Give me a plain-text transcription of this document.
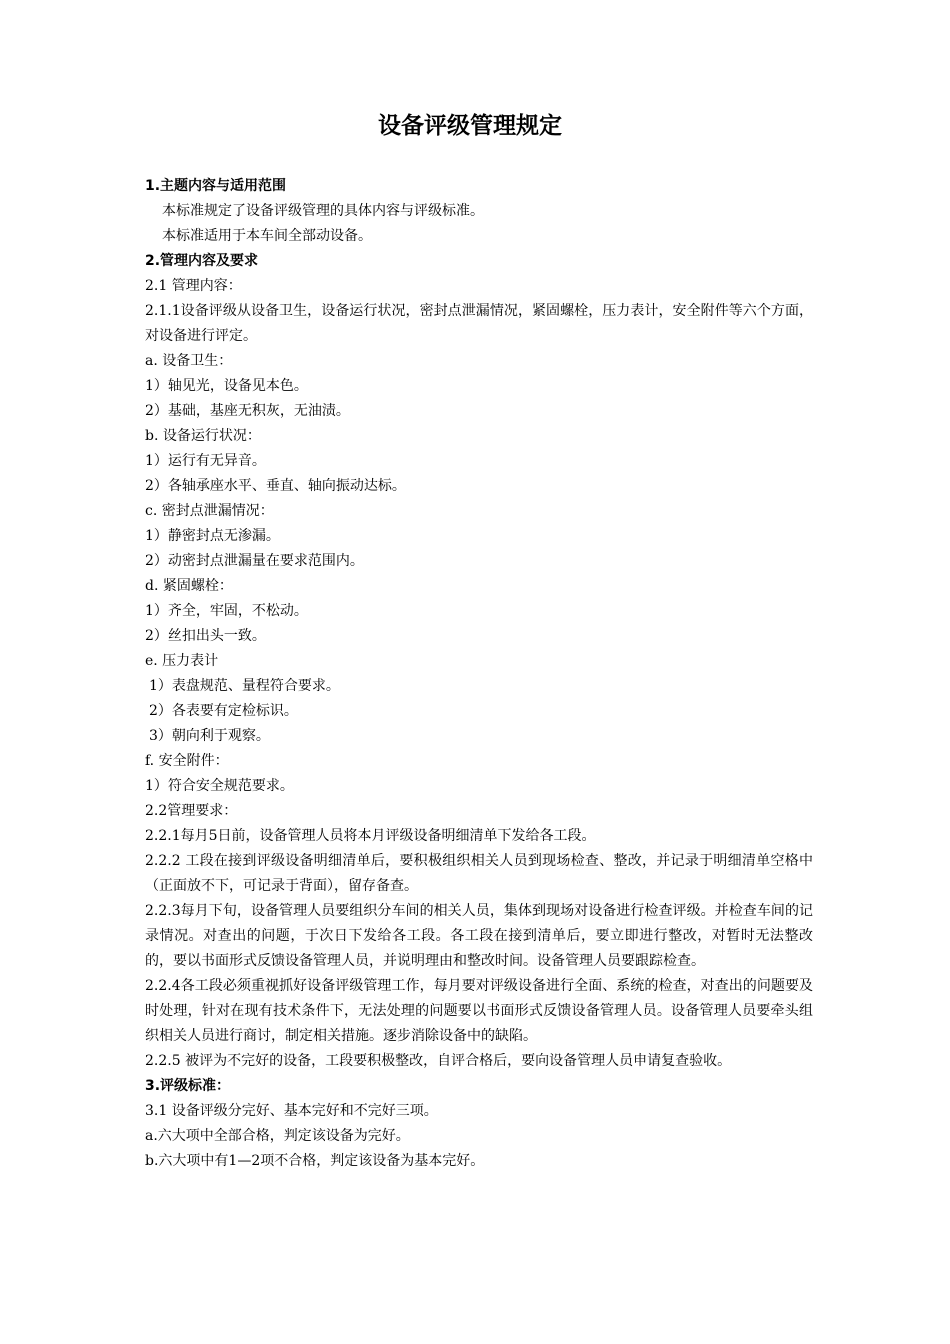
设备评级管理规定
1.主题内容与适用范围
本标准规定了设备评级管理的具体内容与评级标准。
本标准适用于本车间全部动设备。
2.管理内容及要求
2.1 管理内容：
2.1.1设备评级从设备卫生，设备运行状况，密封点泄漏情况，紧固螺栓，压力表计，安全附件等六个方面，对设备进行评定。
a. 设备卫生：
1）轴见光，设备见本色。
2）基础，基座无积灰，无油渍。
b. 设备运行状况：
1）运行有无异音。
2）各轴承座水平、垂直、轴向振动达标。
c. 密封点泄漏情况：
1）静密封点无渗漏。
2）动密封点泄漏量在要求范围内。
d. 紧固螺栓：
1）齐全，牢固，不松动。
2）丝扣出头一致。
e. 压力表计
1）表盘规范、量程符合要求。
2）各表要有定检标识。
3）朝向利于观察。
f. 安全附件：
1）符合安全规范要求。
2.2管理要求：
2.2.1每月5日前，设备管理人员将本月评级设备明细清单下发给各工段。
2.2.2 工段在接到评级设备明细清单后，要积极组织相关人员到现场检查、整改，并记录于明细清单空格中（正面放不下，可记录于背面），留存备查。
2.2.3每月下旬，设备管理人员要组织分车间的相关人员，集体到现场对设备进行检查评级。并检查车间的记录情况。对查出的问题，于次日下发给各工段。各工段在接到清单后，要立即进行整改，对暂时无法整改的，要以书面形式反馈设备管理人员，并说明理由和整改时间。设备管理人员要跟踪检查。
2.2.4各工段必须重视抓好设备评级管理工作，每月要对评级设备进行全面、系统的检查，对查出的问题要及时处理，针对在现有技术条件下，无法处理的问题要以书面形式反馈设备管理人员。设备管理人员要牵头组织相关人员进行商讨，制定相关措施。逐步消除设备中的缺陷。
2.2.5 被评为不完好的设备，工段要积极整改，自评合格后，要向设备管理人员申请复查验收。
3.评级标准：
3.1 设备评级分完好、基本完好和不完好三项。
a.六大项中全部合格，判定该设备为完好。
b.六大项中有1—2项不合格，判定该设备为基本完好。
